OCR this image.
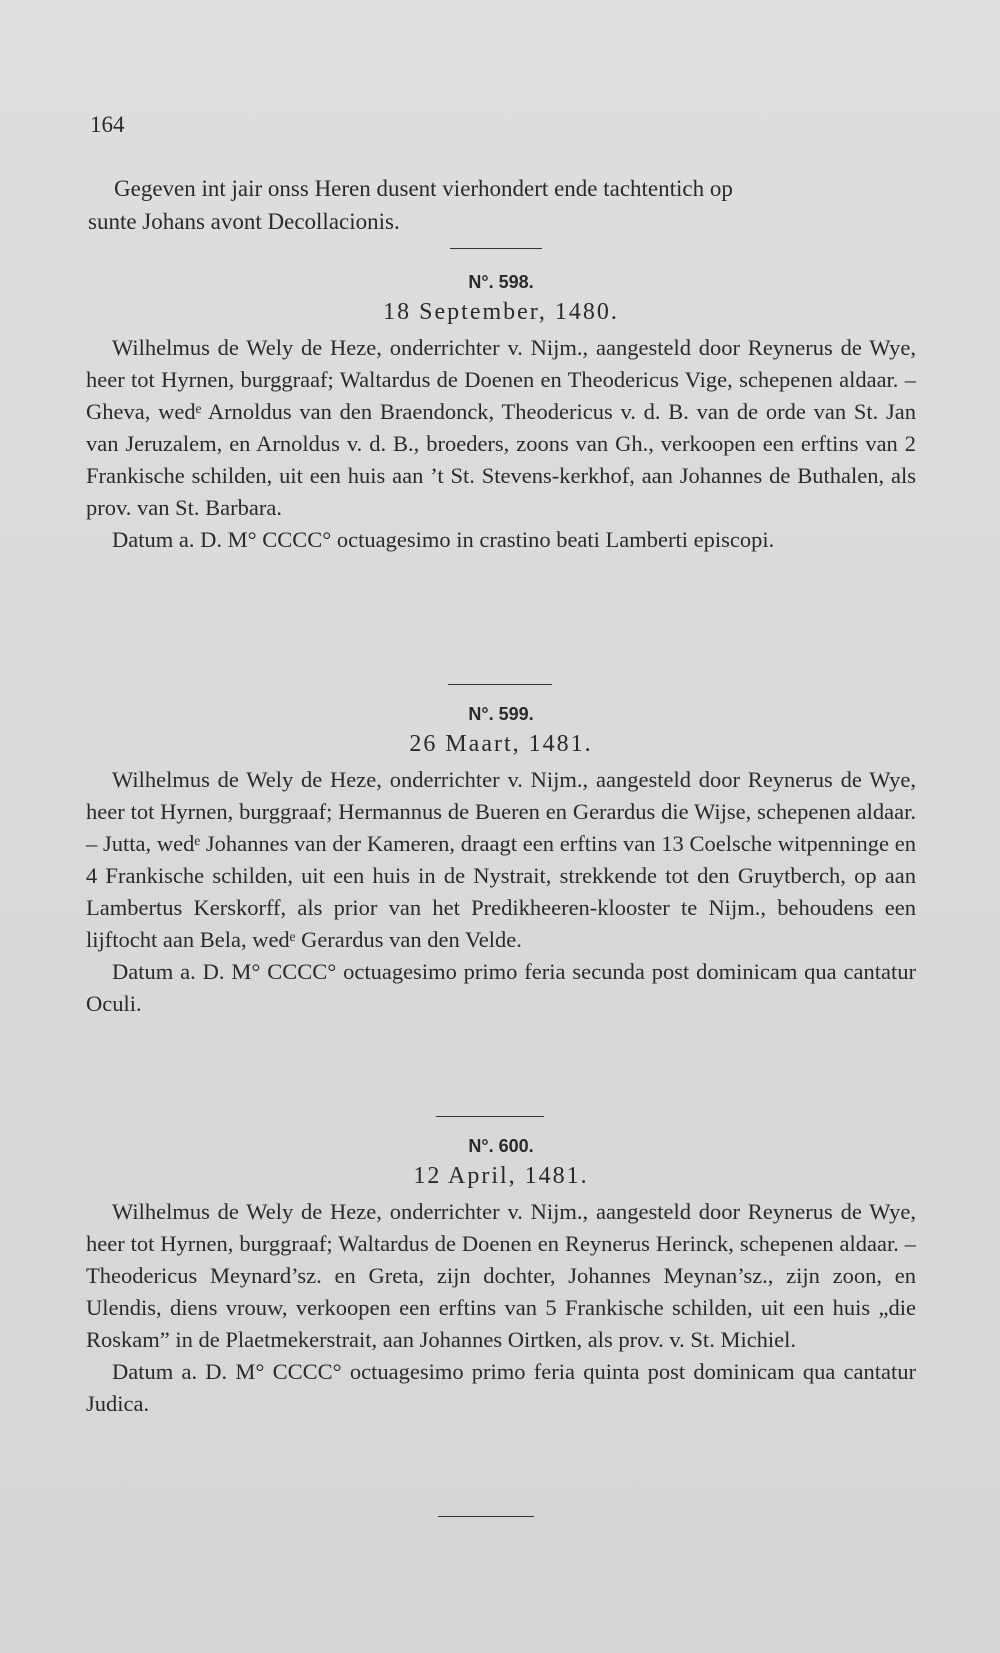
164

Gegeven int jair onss Heren dusent vierhondert ende tachtentich op

sunte Johans avont Decollacionis.

N°. 598.
18 September, 1480.

Wilhelmus de Wely de Heze, onderrichter v. Nijm., aangesteld door Reynerus de Wye, heer tot Hyrnen, burggraaf; Waltardus de Doenen en Theodericus Vige, schepenen aldaar. – Gheva, wedᵉ Arnoldus van den Braendonck, Theodericus v. d. B. van de orde van St. Jan van Jeruzalem, en Arnoldus v. d. B., broeders, zoons van Gh., verkoopen een erftins van 2 Frankische schilden, uit een huis aan ’t St. Stevens-kerkhof, aan Johannes de Buthalen, als prov. van St. Barbara.

Datum a. D. M° CCCC° octuagesimo in crastino beati Lamberti episcopi.

N°. 599.
26 Maart, 1481.

Wilhelmus de Wely de Heze, onderrichter v. Nijm., aangesteld door Reynerus de Wye, heer tot Hyrnen, burggraaf; Hermannus de Bueren en Gerardus die Wijse, schepenen aldaar. – Jutta, wedᵉ Johannes van der Kameren, draagt een erftins van 13 Coelsche witpenninge en 4 Frankische schilden, uit een huis in de Nystrait, strekkende tot den Gruytberch, op aan Lambertus Kerskorff, als prior van het Predikheeren-klooster te Nijm., behoudens een lijftocht aan Bela, wedᵉ Gerardus van den Velde.

Datum a. D. M° CCCC° octuagesimo primo feria secunda post dominicam qua cantatur Oculi.

N°. 600.
12 April, 1481.

Wilhelmus de Wely de Heze, onderrichter v. Nijm., aangesteld door Reynerus de Wye, heer tot Hyrnen, burggraaf; Waltardus de Doenen en Reynerus Herinck, schepenen aldaar. – Theodericus Meynard’sz. en Greta, zijn dochter, Johannes Meynan’sz., zijn zoon, en Ulendis, diens vrouw, verkoopen een erftins van 5 Frankische schilden, uit een huis „die Roskam” in de Plaetmekerstrait, aan Johannes Oirtken, als prov. v. St. Michiel.

Datum a. D. M° CCCC° octuagesimo primo feria quinta post dominicam qua cantatur Judica.
